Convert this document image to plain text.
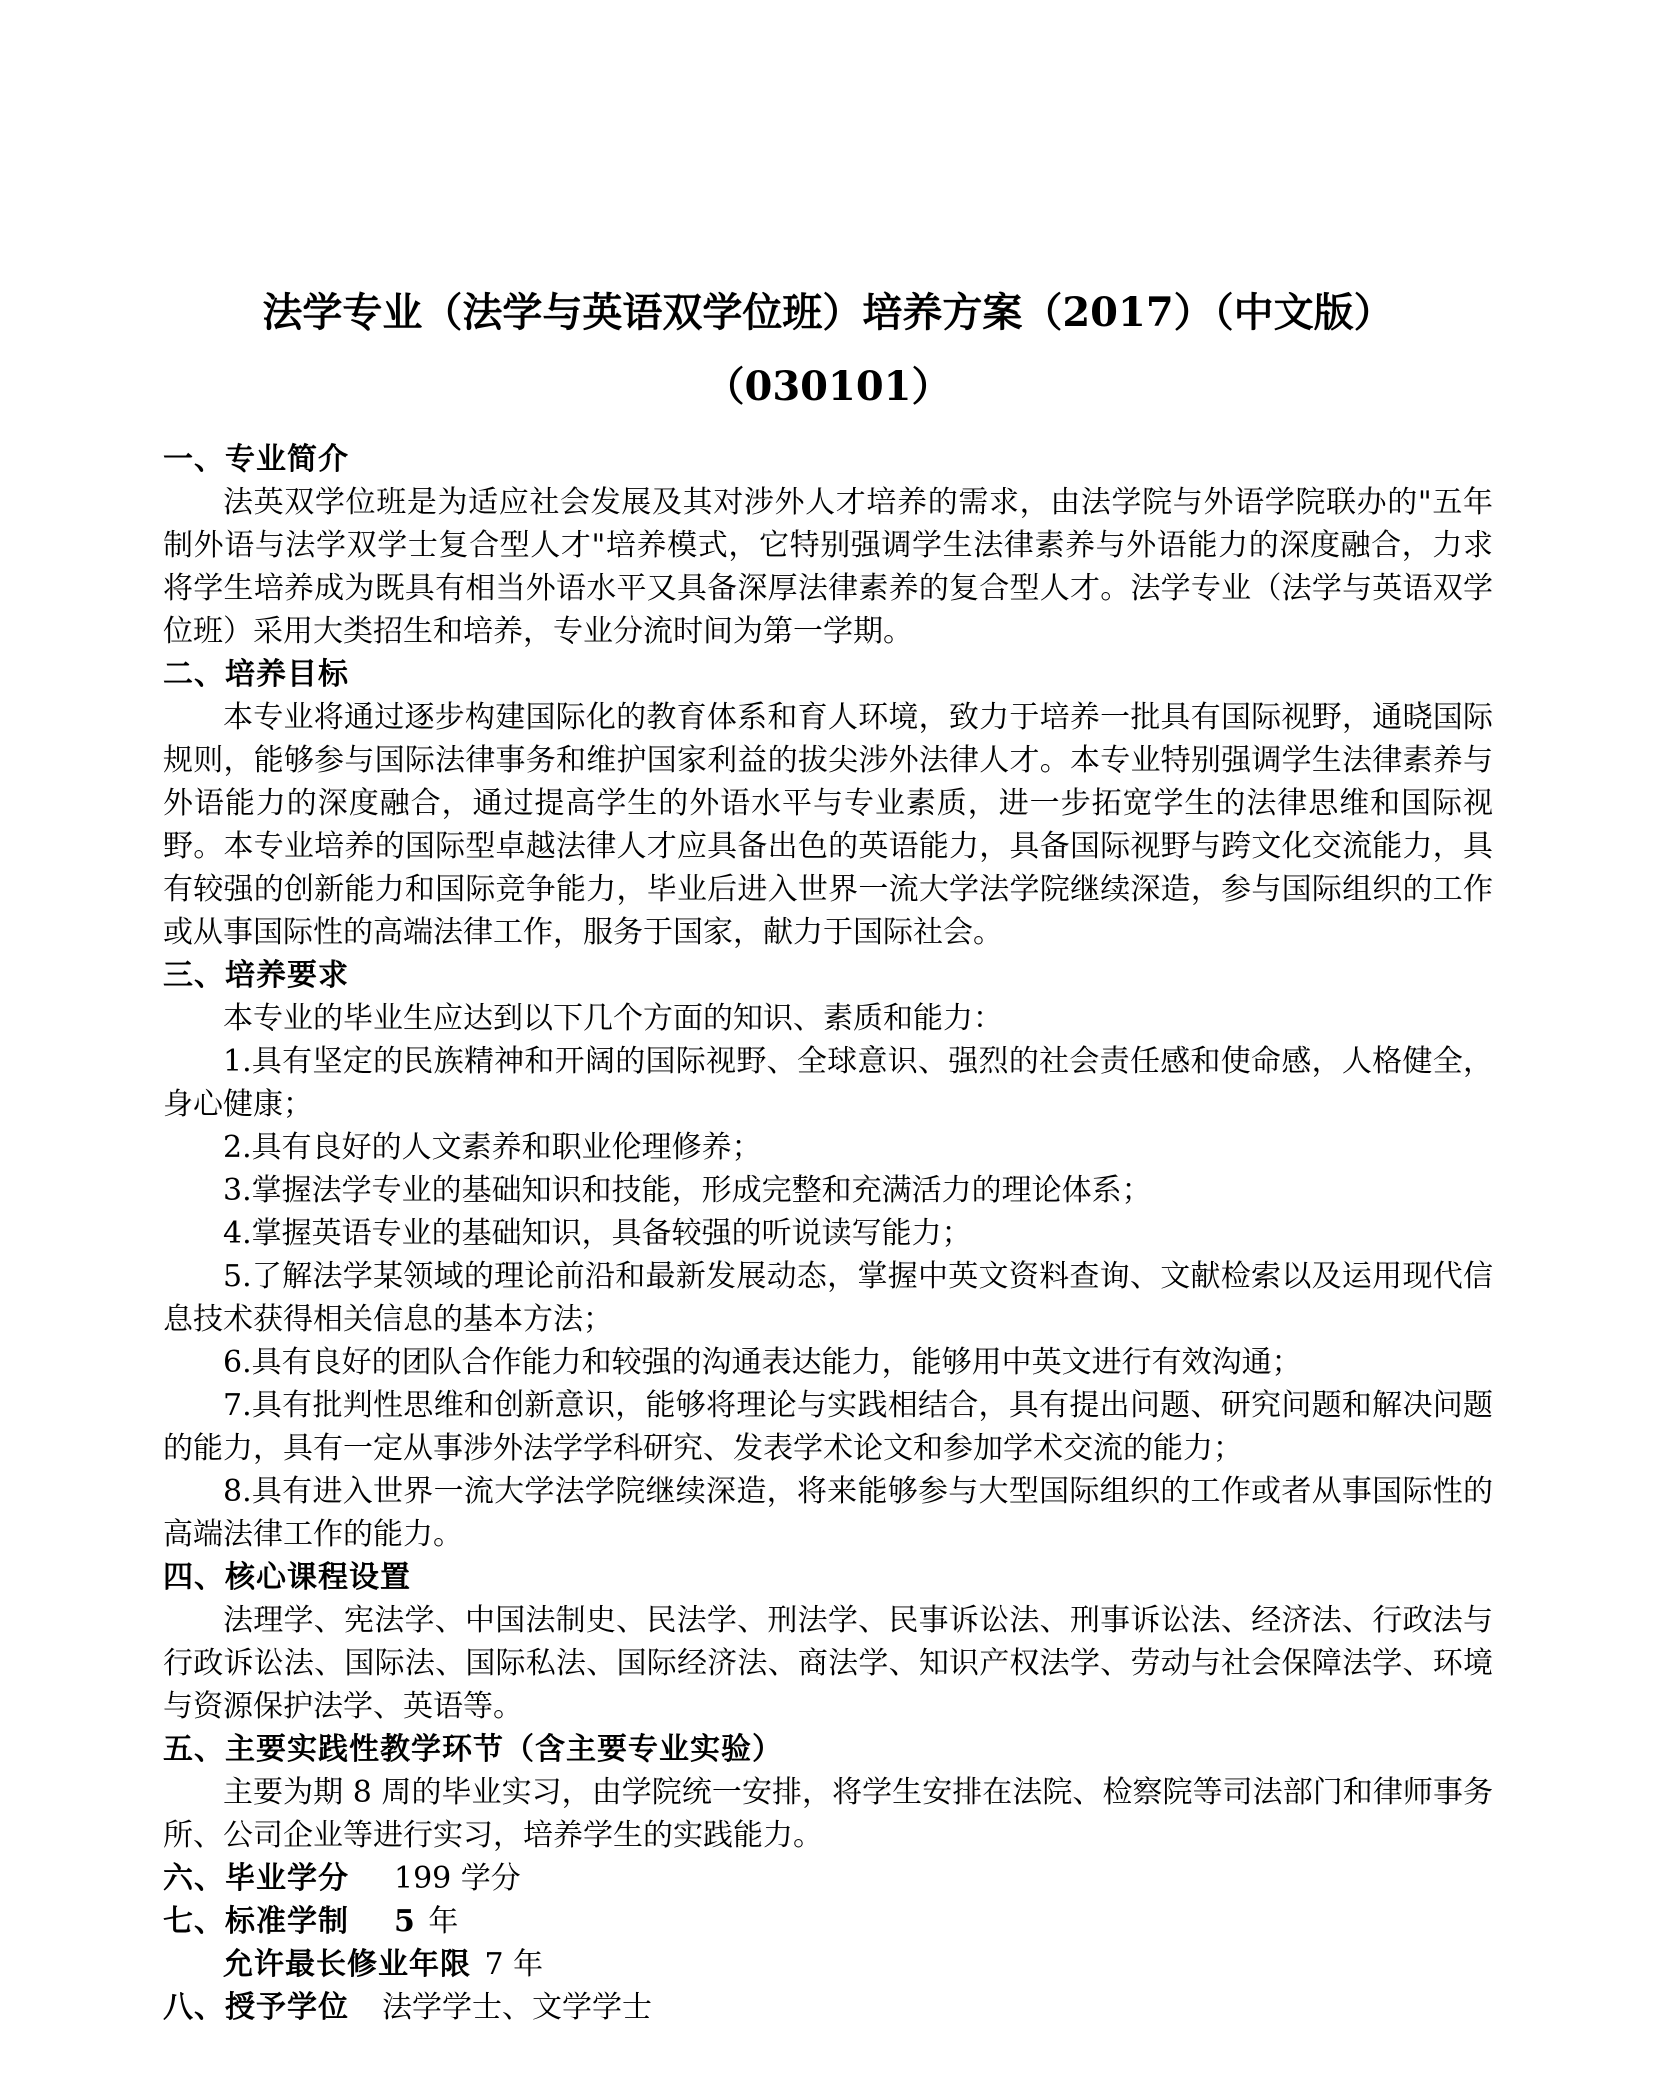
法学专业（法学与英语双学位班）培养方案（2017）（中文版）
（030101）
一、专业简介

法英双学位班是为适应社会发展及其对涉外人才培养的需求，由法学院与外语学院联办的"五年制外语与法学双学士复合型人才"培养模式，它特别强调学生法律素养与外语能力的深度融合，力求将学生培养成为既具有相当外语水平又具备深厚法律素养的复合型人才。法学专业（法学与英语双学位班）采用大类招生和培养，专业分流时间为第一学期。

二、培养目标

本专业将通过逐步构建国际化的教育体系和育人环境，致力于培养一批具有国际视野，通晓国际规则，能够参与国际法律事务和维护国家利益的拔尖涉外法律人才。本专业特别强调学生法律素养与外语能力的深度融合，通过提高学生的外语水平与专业素质，进一步拓宽学生的法律思维和国际视野。本专业培养的国际型卓越法律人才应具备出色的英语能力，具备国际视野与跨文化交流能力，具有较强的创新能力和国际竞争能力，毕业后进入世界一流大学法学院继续深造，参与国际组织的工作或从事国际性的高端法律工作，服务于国家，献力于国际社会。

三、培养要求

本专业的毕业生应达到以下几个方面的知识、素质和能力：

1.具有坚定的民族精神和开阔的国际视野、全球意识、强烈的社会责任感和使命感，人格健全，身心健康；

2.具有良好的人文素养和职业伦理修养；

3.掌握法学专业的基础知识和技能，形成完整和充满活力的理论体系；

4.掌握英语专业的基础知识，具备较强的听说读写能力；

5.了解法学某领域的理论前沿和最新发展动态，掌握中英文资料查询、文献检索以及运用现代信息技术获得相关信息的基本方法；

6.具有良好的团队合作能力和较强的沟通表达能力，能够用中英文进行有效沟通；

7.具有批判性思维和创新意识，能够将理论与实践相结合，具有提出问题、研究问题和解决问题的能力，具有一定从事涉外法学学科研究、发表学术论文和参加学术交流的能力；

8.具有进入世界一流大学法学院继续深造，将来能够参与大型国际组织的工作或者从事国际性的高端法律工作的能力。

四、核心课程设置

法理学、宪法学、中国法制史、民法学、刑法学、民事诉讼法、刑事诉讼法、经济法、行政法与行政诉讼法、国际法、国际私法、国际经济法、商法学、知识产权法学、劳动与社会保障法学、环境与资源保护法学、英语等。

五、主要实践性教学环节（含主要专业实验）

主要为期 8 周的毕业实习，由学院统一安排，将学生安排在法院、检察院等司法部门和律师事务所、公司企业等进行实习，培养学生的实践能力。

六、毕业学分 199 学分
七、标准学制 5 年
允许最长修业年限 7 年
八、授予学位 法学学士、文学学士
